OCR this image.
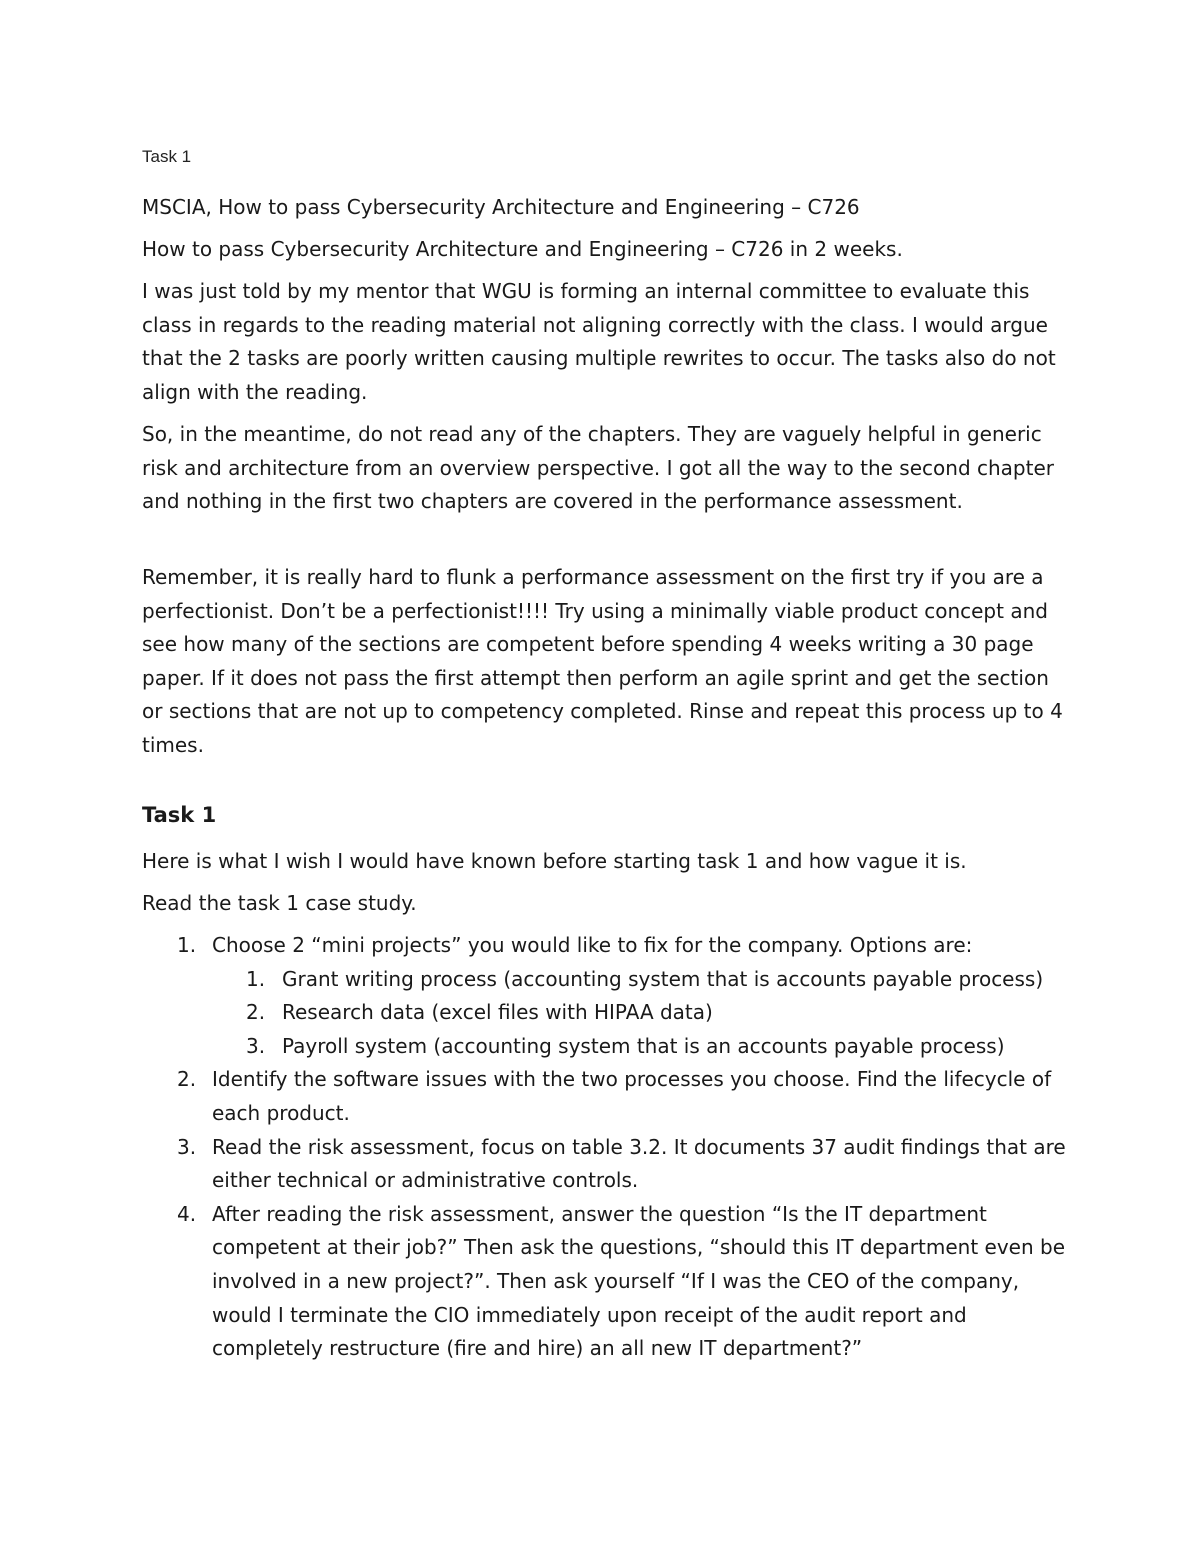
Task 1

MSCIA, How to pass Cybersecurity Architecture and Engineering – C726

How to pass Cybersecurity Architecture and Engineering – C726 in 2 weeks.

I was just told by my mentor that WGU is forming an internal committee to evaluate this class in regards to the reading material not aligning correctly with the class. I would argue that the 2 tasks are poorly written causing multiple rewrites to occur. The tasks also do not align with the reading.

So, in the meantime, do not read any of the chapters. They are vaguely helpful in generic risk and architecture from an overview perspective. I got all the way to the second chapter and nothing in the first two chapters are covered in the performance assessment.

Remember, it is really hard to flunk a performance assessment on the first try if you are a perfectionist. Don’t be a perfectionist!!!! Try using a minimally viable product concept and see how many of the sections are competent before spending 4 weeks writing a 30 page paper. If it does not pass the first attempt then perform an agile sprint and get the section or sections that are not up to competency completed. Rinse and repeat this process up to 4 times.

Task 1

Here is what I wish I would have known before starting task 1 and how vague it is.

Read the task 1 case study.

1. Choose 2 “mini projects” you would like to fix for the company. Options are:
1. Grant writing process (accounting system that is accounts payable process)
2. Research data (excel files with HIPAA data)
3. Payroll system (accounting system that is an accounts payable process)
2. Identify the software issues with the two processes you choose. Find the lifecycle of each product.
3. Read the risk assessment, focus on table 3.2. It documents 37 audit findings that are either technical or administrative controls.
4. After reading the risk assessment, answer the question “Is the IT department competent at their job?” Then ask the questions, “should this IT department even be involved in a new project?”. Then ask yourself “If I was the CEO of the company, would I terminate the CIO immediately upon receipt of the audit report and completely restructure (fire and hire) an all new IT department?”
